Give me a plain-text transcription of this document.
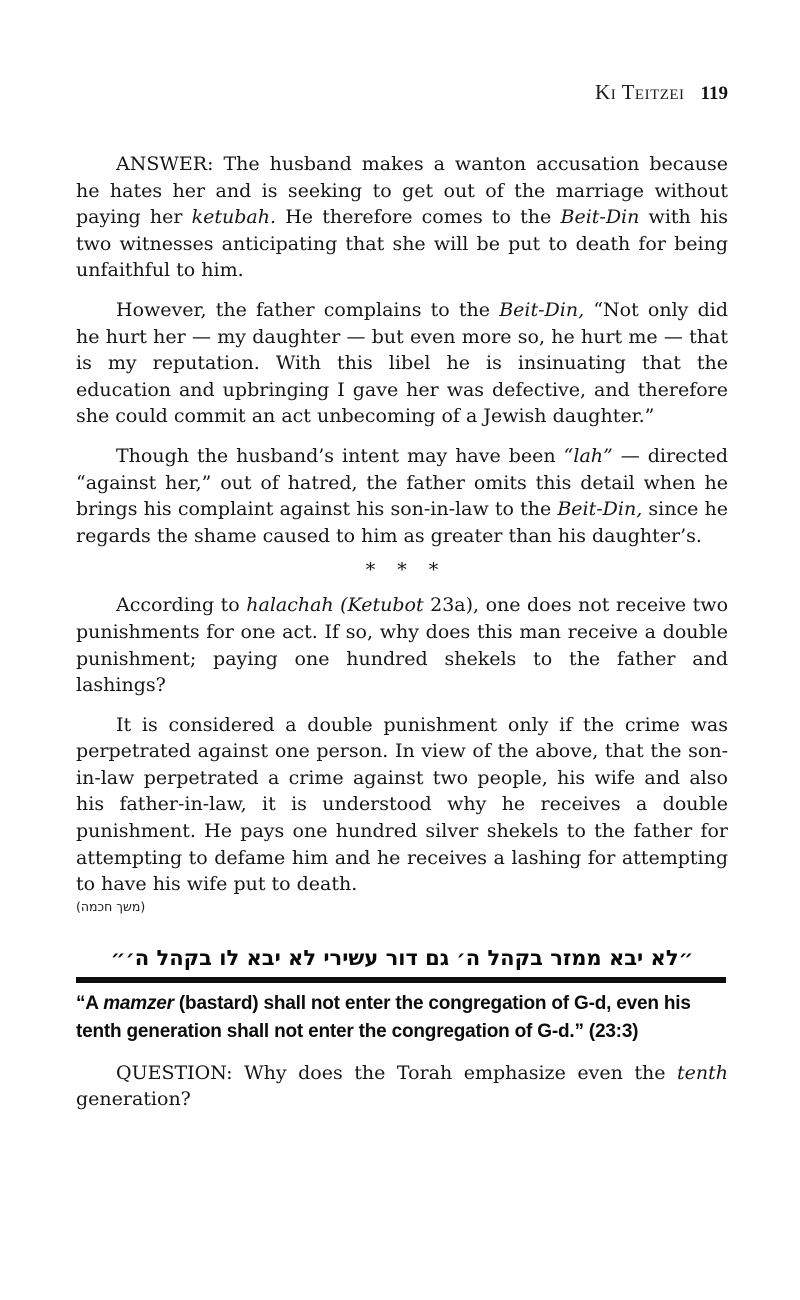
Ki Teitzei 119

ANSWER: The husband makes a wanton accusation because he hates her and is seeking to get out of the marriage without paying her ketubah. He therefore comes to the Beit-Din with his two witnesses anticipating that she will be put to death for being unfaithful to him.

However, the father complains to the Beit-Din, “Not only did he hurt her — my daughter — but even more so, he hurt me — that is my reputation. With this libel he is insinuating that the education and upbringing I gave her was defective, and therefore she could commit an act unbecoming of a Jewish daughter.”

Though the husband’s intent may have been “lah” — directed “against her,” out of hatred, the father omits this detail when he brings his complaint against his son-in-law to the Beit-Din, since he regards the shame caused to him as greater than his daughter’s.

* * *

According to halachah (Ketubot 23a), one does not receive two punishments for one act. If so, why does this man receive a double punishment; paying one hundred shekels to the father and lashings?

It is considered a double punishment only if the crime was perpetrated against one person. In view of the above, that the son-in-law perpetrated a crime against two people, his wife and also his father-in-law, it is understood why he receives a double punishment. He pays one hundred silver shekels to the father for attempting to defame him and he receives a lashing for attempting to have his wife put to death.

(משך חכמה)
״לא יבא ממזר בקהל ה׳ גם דור עשירי לא יבא לו בקהל ה׳״

“A mamzer (bastard) shall not enter the congregation of G-d, even his tenth generation shall not enter the congregation of G-d.” (23:3)

QUESTION: Why does the Torah emphasize even the tenth generation?
